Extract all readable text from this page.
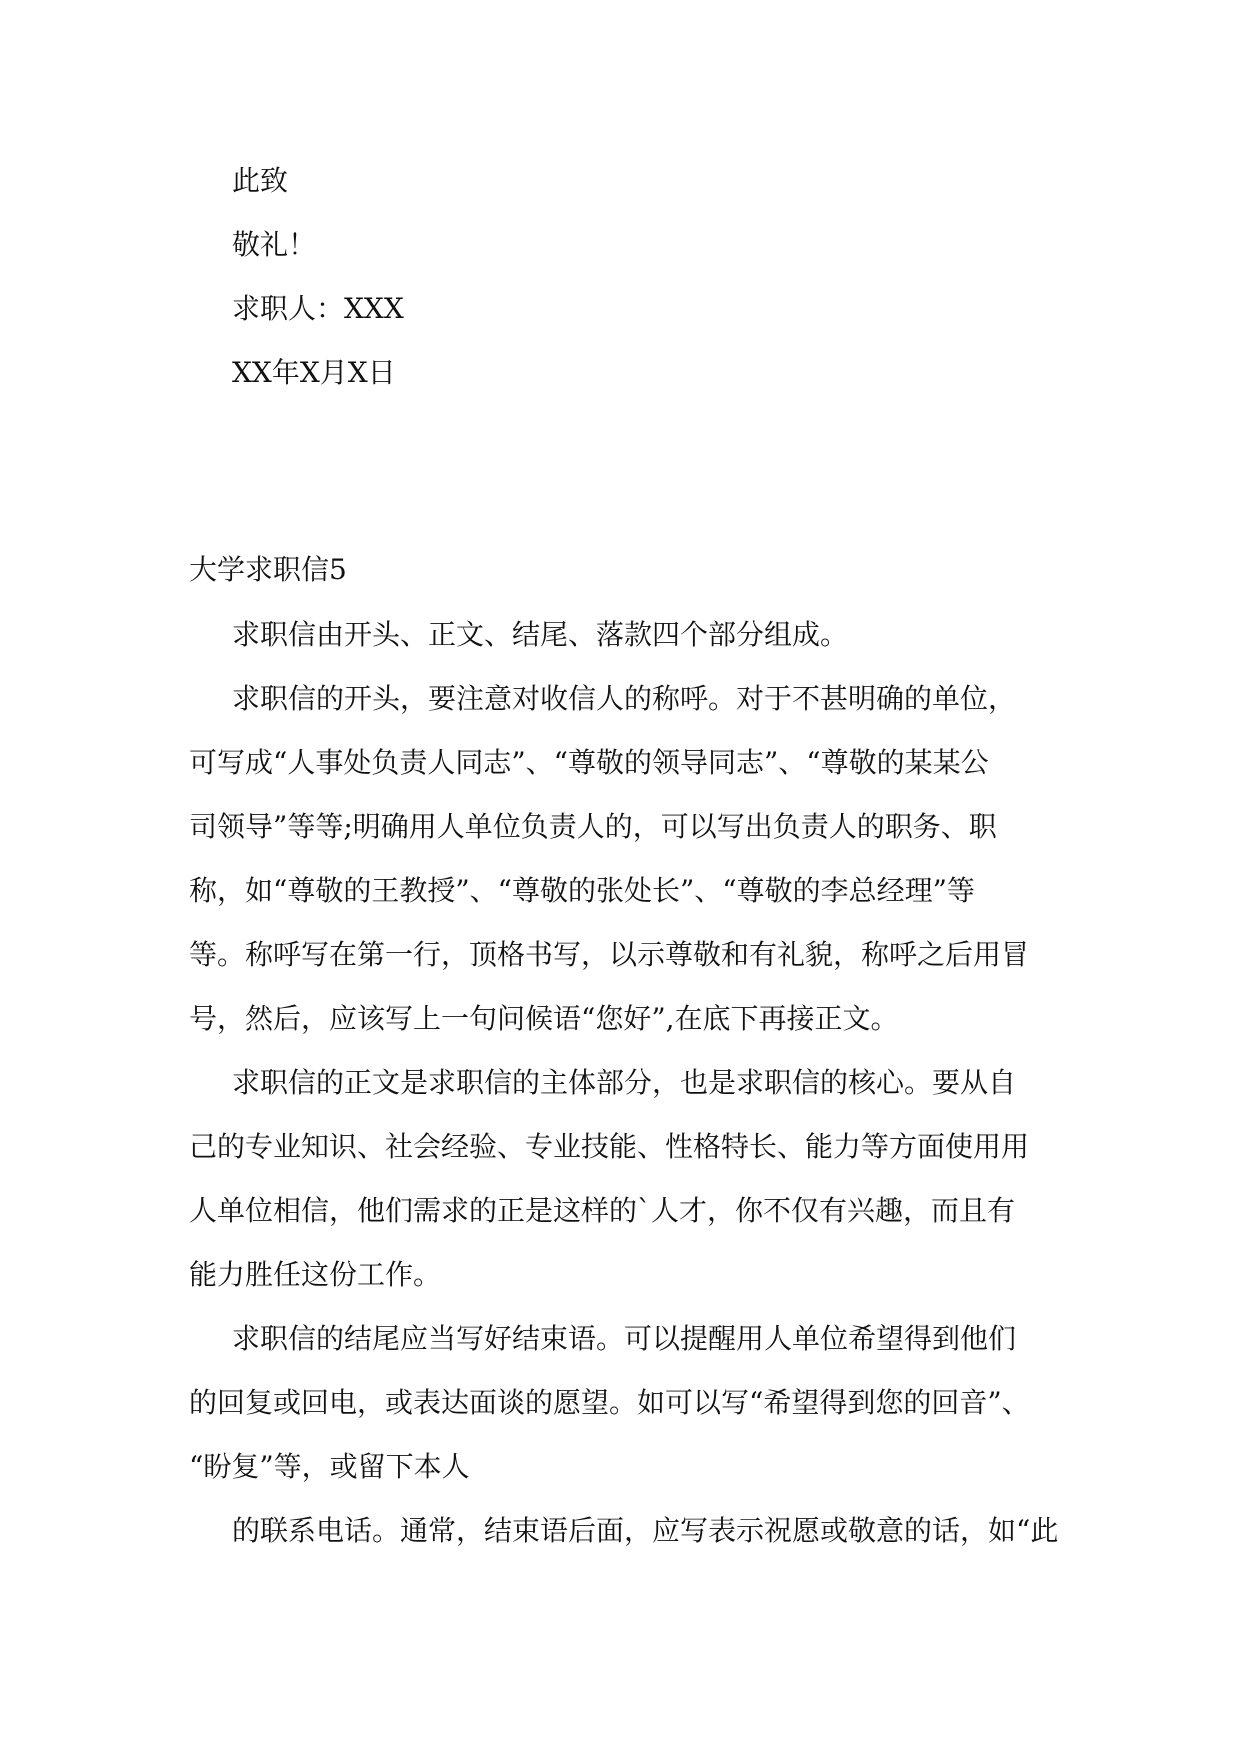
此致
敬礼！
求职人：XXX
XX年X月X日
大学求职信5
求职信由开头、正文、结尾、落款四个部分组成。
求职信的开头，要注意对收信人的称呼。对于不甚明确的单位，
可写成“人事处负责人同志”、“尊敬的领导同志”、“尊敬的某某公
司领导”等等;明确用人单位负责人的，可以写出负责人的职务、职
称，如“尊敬的王教授”、“尊敬的张处长”、“尊敬的李总经理”等
等。称呼写在第一行，顶格书写，以示尊敬和有礼貌，称呼之后用冒
号，然后，应该写上一句问候语“您好”,在底下再接正文。
求职信的正文是求职信的主体部分，也是求职信的核心。要从自
己的专业知识、社会经验、专业技能、性格特长、能力等方面使用用
人单位相信，他们需求的正是这样的`人才，你不仅有兴趣，而且有
能力胜任这份工作。
求职信的结尾应当写好结束语。可以提醒用人单位希望得到他们
的回复或回电，或表达面谈的愿望。如可以写“希望得到您的回音”、
“盼复”等，或留下本人
的联系电话。通常，结束语后面，应写表示祝愿或敬意的话，如“此
